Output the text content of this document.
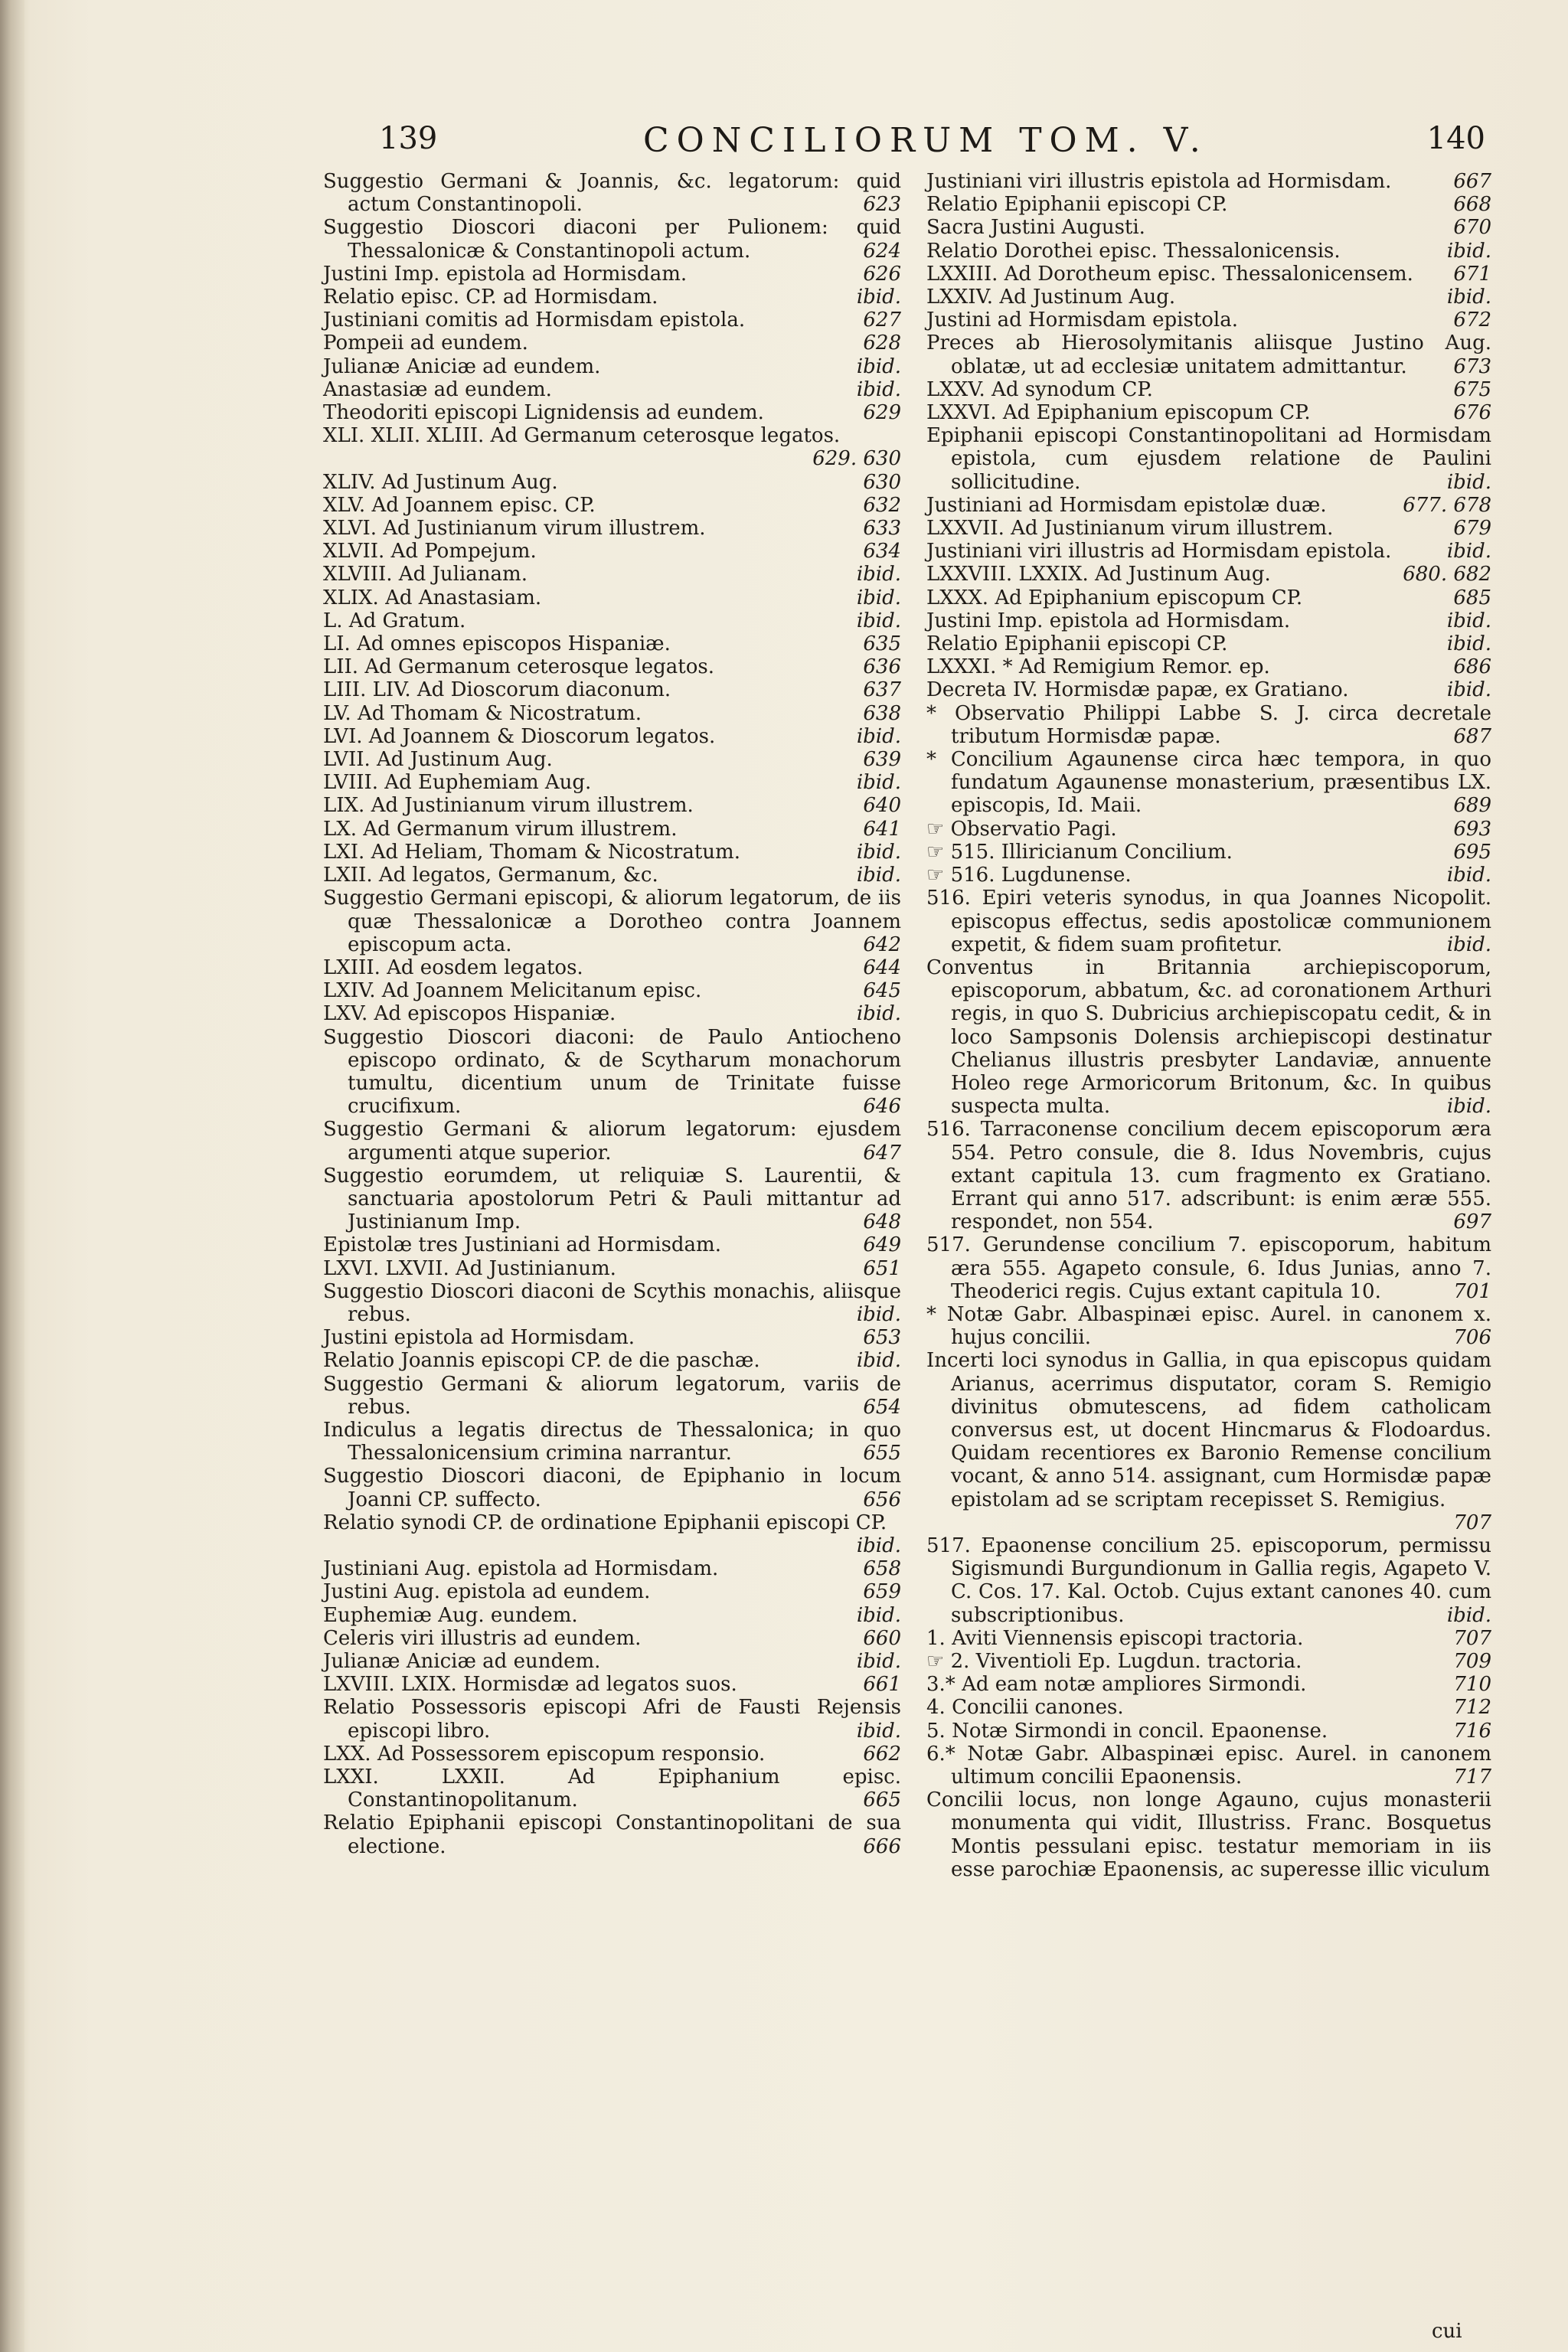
139	CONCILIORUM TOM. V.	140
Suggestio Germani & Joannis, &c. legatorum: quid actum Constantinopoli.	623
Suggestio Dioscori diaconi per Pulionem: quid Thessalonicæ & Constantinopoli actum.	624
Justini Imp. epistola ad Hormisdam.	626
Relatio episc. CP. ad Hormisdam.	ibid.
Justiniani comitis ad Hormisdam epistola.	627
Pompeii ad eundem.	628
Julianæ Aniciæ ad eundem.	ibid.
Anastasiæ ad eundem.	ibid.
Theodoriti episcopi Lignidensis ad eundem.	629
XLI. XLII. XLIII. Ad Germanum ceterosque legatos.
629. 630
XLIV. Ad Justinum Aug.	630
XLV. Ad Joannem episc. CP.	632
XLVI. Ad Justinianum virum illustrem.	633
XLVII. Ad Pompejum.	634
XLVIII. Ad Julianam.	ibid.
XLIX. Ad Anastasiam.	ibid.
L. Ad Gratum.	ibid.
LI. Ad omnes episcopos Hispaniæ.	635
LII. Ad Germanum ceterosque legatos.	636
LIII. LIV. Ad Dioscorum diaconum.	637
LV. Ad Thomam & Nicostratum.	638
LVI. Ad Joannem & Dioscorum legatos.	ibid.
LVII. Ad Justinum Aug.	639
LVIII. Ad Euphemiam Aug.	ibid.
LIX. Ad Justinianum virum illustrem.	640
LX. Ad Germanum virum illustrem.	641
LXI. Ad Heliam, Thomam & Nicostratum.	ibid.
LXII. Ad legatos, Germanum, &c.	ibid.
Suggestio Germani episcopi, & aliorum legatorum, de iis quæ Thessalonicæ a Dorotheo contra Joannem episcopum acta.	642
LXIII. Ad eosdem legatos.	644
LXIV. Ad Joannem Melicitanum episc.	645
LXV. Ad episcopos Hispaniæ.	ibid.
Suggestio Dioscori diaconi: de Paulo Antiocheno episcopo ordinato, & de Scytharum monachorum tumultu, dicentium unum de Trinitate fuisse crucifixum.	646
Suggestio Germani & aliorum legatorum: ejusdem argumenti atque superior.	647
Suggestio eorumdem, ut reliquiæ S. Laurentii, & sanctuaria apostolorum Petri & Pauli mittantur ad Justinianum Imp.	648
Epistolæ tres Justiniani ad Hormisdam.	649
LXVI. LXVII. Ad Justinianum.	651
Suggestio Dioscori diaconi de Scythis monachis, aliisque rebus.	ibid.
Justini epistola ad Hormisdam.	653
Relatio Joannis episcopi CP. de die paschæ.	ibid.
Suggestio Germani & aliorum legatorum, variis de rebus.	654
Indiculus a legatis directus de Thessalonica; in quo Thessalonicensium crimina narrantur.	655
Suggestio Dioscori diaconi, de Epiphanio in locum Joanni CP. suffecto.	656
Relatio synodi CP. de ordinatione Epiphanii episcopi CP.
ibid.
Justiniani Aug. epistola ad Hormisdam.	658
Justini Aug. epistola ad eundem.	659
Euphemiæ Aug. eundem.	ibid.
Celeris viri illustris ad eundem.	660
Julianæ Aniciæ ad eundem.	ibid.
LXVIII. LXIX. Hormisdæ ad legatos suos.	661
Relatio Possessoris episcopi Afri de Fausti Rejensis episcopi libro.	ibid.
LXX. Ad Possessorem episcopum responsio.	662
LXXI. LXXII. Ad Epiphanium episc. Constantinopolitanum.	665
Relatio Epiphanii episcopi Constantinopolitani de sua electione.	666
Justiniani viri illustris epistola ad Hormisdam.	667
Relatio Epiphanii episcopi CP.	668
Sacra Justini Augusti.	670
Relatio Dorothei episc. Thessalonicensis.	ibid.
LXXIII. Ad Dorotheum episc. Thessalonicensem.	671
LXXIV. Ad Justinum Aug.	ibid.
Justini ad Hormisdam epistola.	672
Preces ab Hierosolymitanis aliisque Justino Aug. oblatæ, ut ad ecclesiæ unitatem admittantur.	673
LXXV. Ad synodum CP.	675
LXXVI. Ad Epiphanium episcopum CP.	676
Epiphanii episcopi Constantinopolitani ad Hormisdam epistola, cum ejusdem relatione de Paulini sollicitudine.	ibid.
Justiniani ad Hormisdam epistolæ duæ.	677. 678
LXXVII. Ad Justinianum virum illustrem.	679
Justiniani viri illustris ad Hormisdam epistola.	ibid.
LXXVIII. LXXIX. Ad Justinum Aug.	680. 682
LXXX. Ad Epiphanium episcopum CP.	685
Justini Imp. epistola ad Hormisdam.	ibid.
Relatio Epiphanii episcopi CP.	ibid.
LXXXI. * Ad Remigium Remor. ep.	686
Decreta IV. Hormisdæ papæ, ex Gratiano.	ibid.
* Observatio Philippi Labbe S. J. circa decretale tributum Hormisdæ papæ.	687
* Concilium Agaunense circa hæc tempora, in quo fundatum Agaunense monasterium, præsentibus LX. episcopis, Id. Maii.	689
☞ Observatio Pagi.	693
☞ 515. Illiricianum Concilium.	695
☞ 516. Lugdunense.	ibid.
516. Epiri veteris synodus, in qua Joannes Nicopolit. episcopus effectus, sedis apostolicæ communionem expetit, & fidem suam profitetur.	ibid.
Conventus in Britannia archiepiscoporum, episcoporum, abbatum, &c. ad coronationem Arthuri regis, in quo S. Dubricius archiepiscopatu cedit, & in loco Sampsonis Dolensis archiepiscopi destinatur Chelianus illustris presbyter Landaviæ, annuente Holeo rege Armoricorum Britonum, &c. In quibus suspecta multa.	ibid.
516. Tarraconense concilium decem episcoporum æra 554. Petro consule, die 8. Idus Novembris, cujus extant capitula 13. cum fragmento ex Gratiano. Errant qui anno 517. adscribunt: is enim æræ 555. respondet, non 554.	697
517. Gerundense concilium 7. episcoporum, habitum æra 555. Agapeto consule, 6. Idus Junias, anno 7. Theoderici regis. Cujus extant capitula 10.	701
* Notæ Gabr. Albaspinæi episc. Aurel. in canonem x. hujus concilii.	706
Incerti loci synodus in Gallia, in qua episcopus quidam Arianus, acerrimus disputator, coram S. Remigio divinitus obmutescens, ad fidem catholicam conversus est, ut docent Hincmarus & Flodoardus. Quidam recentiores ex Baronio Remense concilium vocant, & anno 514. assignant, cum Hormisdæ papæ epistolam ad se scriptam recepisset S. Remigius.
707
517. Epaonense concilium 25. episcoporum, permissu Sigismundi Burgundionum in Gallia regis, Agapeto V. C. Cos. 17. Kal. Octob. Cujus extant canones 40. cum subscriptionibus.	ibid.
1. Aviti Viennensis episcopi tractoria.	707
☞ 2. Viventioli Ep. Lugdun. tractoria.	709
3.* Ad eam notæ ampliores Sirmondi.	710
4. Concilii canones.	712
5. Notæ Sirmondi in concil. Epaonense.	716
6.* Notæ Gabr. Albaspinæi episc. Aurel. in canonem ultimum concilii Epaonensis.	717
Concilii locus, non longe Agauno, cujus monasterii monumenta qui vidit, Illustriss. Franc. Bosquetus Montis pessulani episc. testatur memoriam in iis esse parochiæ Epaonensis, ac superesse illic viculum
cui
